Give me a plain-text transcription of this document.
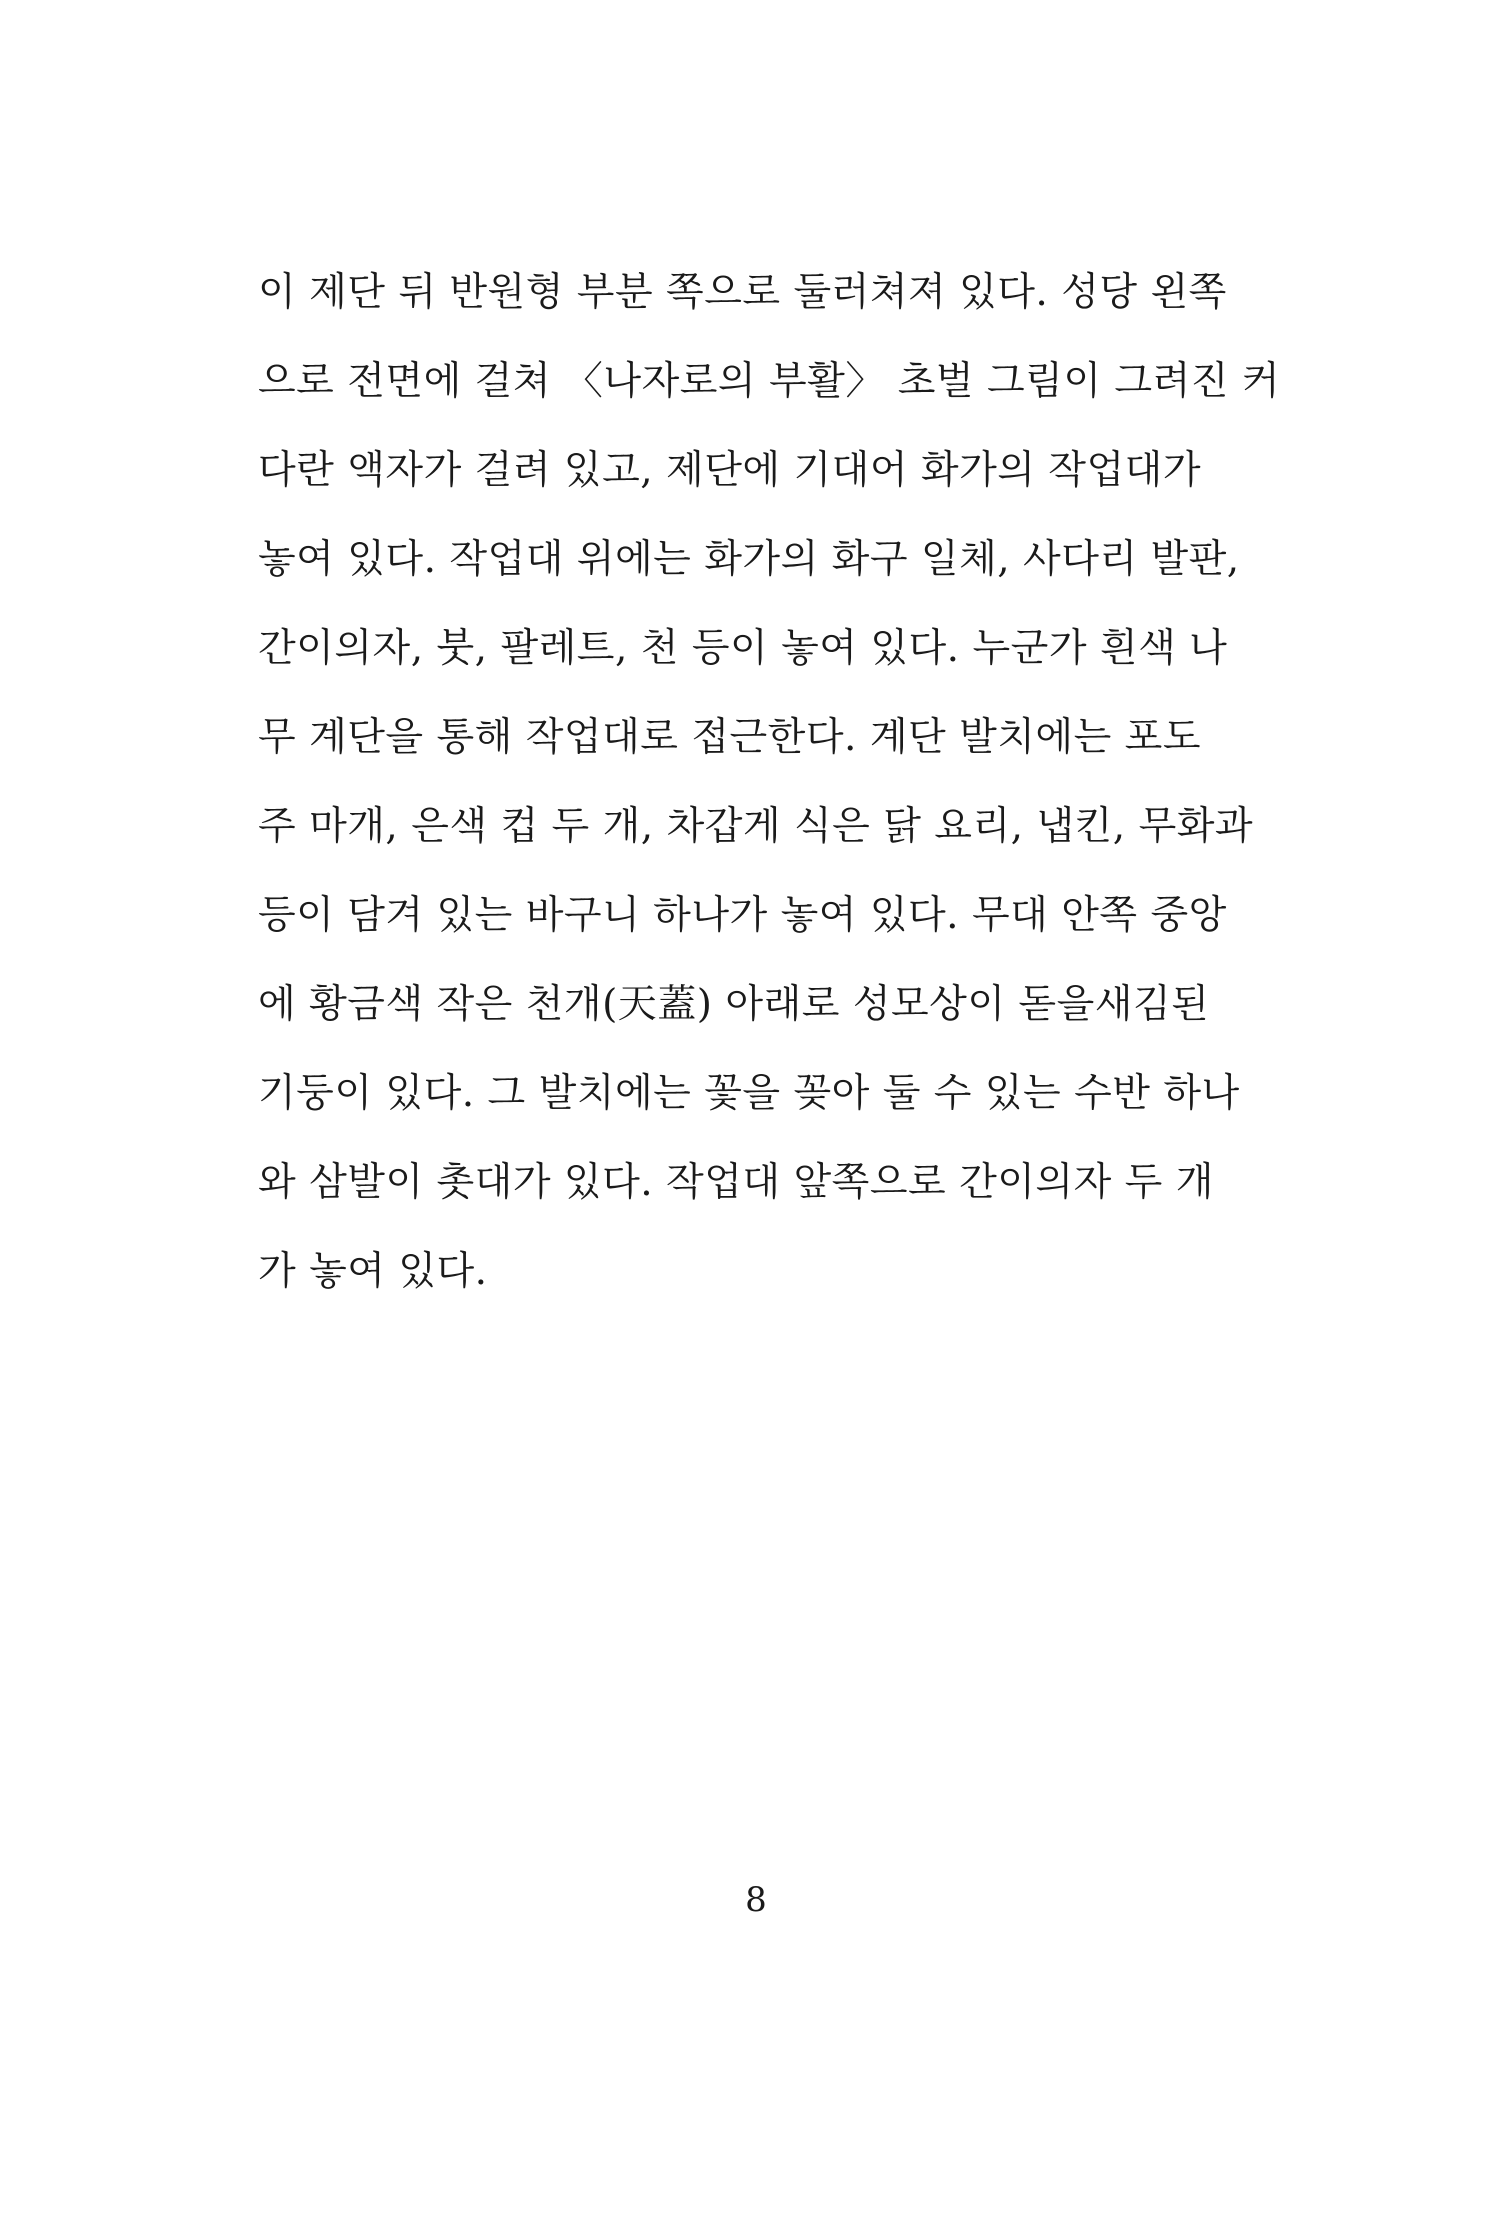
이 제단 뒤 반원형 부분 쪽으로 둘러쳐져 있다. 성당 왼쪽
으로 전면에 걸쳐 〈나자로의 부활〉 초벌 그림이 그려진 커
다란 액자가 걸려 있고, 제단에 기대어 화가의 작업대가
놓여 있다. 작업대 위에는 화가의 화구 일체, 사다리 발판,
간이의자, 붓, 팔레트, 천 등이 놓여 있다. 누군가 흰색 나
무 계단을 통해 작업대로 접근한다. 계단 발치에는 포도
주 마개, 은색 컵 두 개, 차갑게 식은 닭 요리, 냅킨, 무화과
등이 담겨 있는 바구니 하나가 놓여 있다. 무대 안쪽 중앙
에 황금색 작은 천개(天蓋) 아래로 성모상이 돋을새김된
기둥이 있다. 그 발치에는 꽃을 꽂아 둘 수 있는 수반 하나
와 삼발이 촛대가 있다. 작업대 앞쪽으로 간이의자 두 개
가 놓여 있다.
8
